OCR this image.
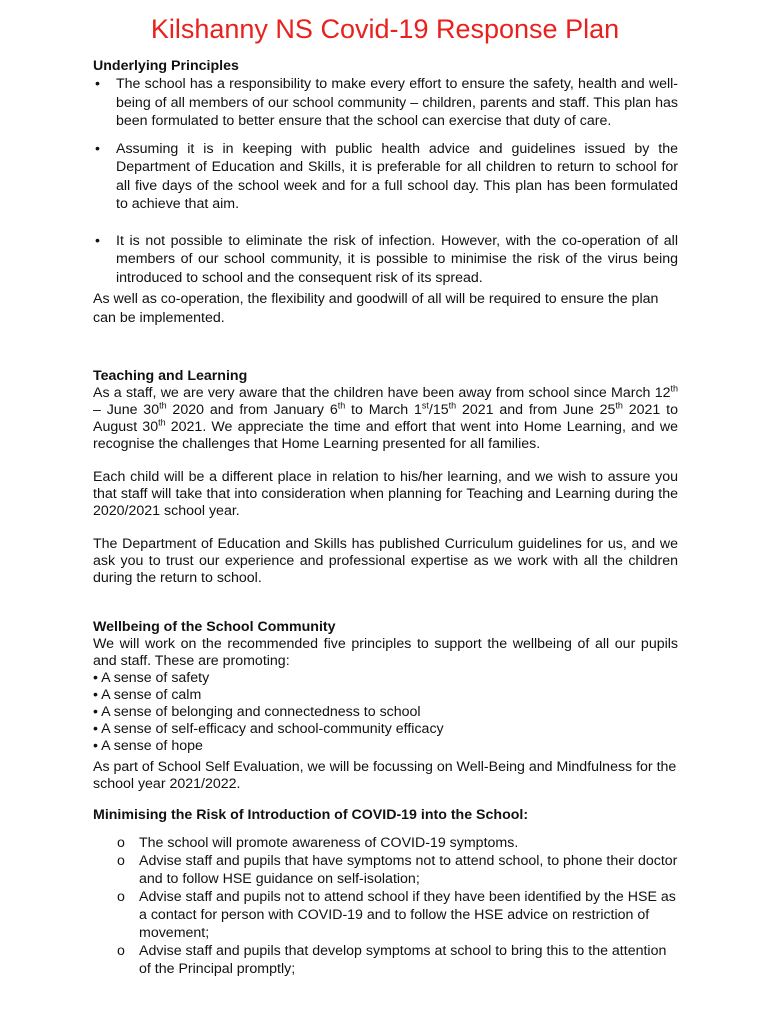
Kilshanny NS Covid-19 Response Plan

Underlying Principles

• The school has a responsibility to make every effort to ensure the safety, health and well-being of all members of our school community – children, parents and staff. This plan has been formulated to better ensure that the school can exercise that duty of care.
• Assuming it is in keeping with public health advice and guidelines issued by the Department of Education and Skills, it is preferable for all children to return to school for all five days of the school week and for a full school day. This plan has been formulated to achieve that aim.
• It is not possible to eliminate the risk of infection. However, with the co-operation of all members of our school community, it is possible to minimise the risk of the virus being introduced to school and the consequent risk of its spread.

As well as co-operation, the flexibility and goodwill of all will be required to ensure the plan can be implemented.

Teaching and Learning

As a staff, we are very aware that the children have been away from school since March 12th – June 30th 2020 and from January 6th to March 1st/15th 2021 and from June 25th 2021 to August 30th 2021. We appreciate the time and effort that went into Home Learning, and we recognise the challenges that Home Learning presented for all families.

Each child will be a different place in relation to his/her learning, and we wish to assure you that staff will take that into consideration when planning for Teaching and Learning during the 2020/2021 school year.

The Department of Education and Skills has published Curriculum guidelines for us, and we ask you to trust our experience and professional expertise as we work with all the children during the return to school.

Wellbeing of the School Community

We will work on the recommended five principles to support the wellbeing of all our pupils and staff. These are promoting:

• A sense of safety
• A sense of calm
• A sense of belonging and connectedness to school
• A sense of self-efficacy and school-community efficacy
• A sense of hope

As part of School Self Evaluation, we will be focussing on Well-Being and Mindfulness for the school year 2021/2022.

Minimising the Risk of Introduction of COVID-19 into the School:

o The school will promote awareness of COVID-19 symptoms.
o Advise staff and pupils that have symptoms not to attend school, to phone their doctor and to follow HSE guidance on self-isolation;
o Advise staff and pupils not to attend school if they have been identified by the HSE as a contact for person with COVID-19 and to follow the HSE advice on restriction of movement;
o Advise staff and pupils that develop symptoms at school to bring this to the attention of the Principal promptly;
